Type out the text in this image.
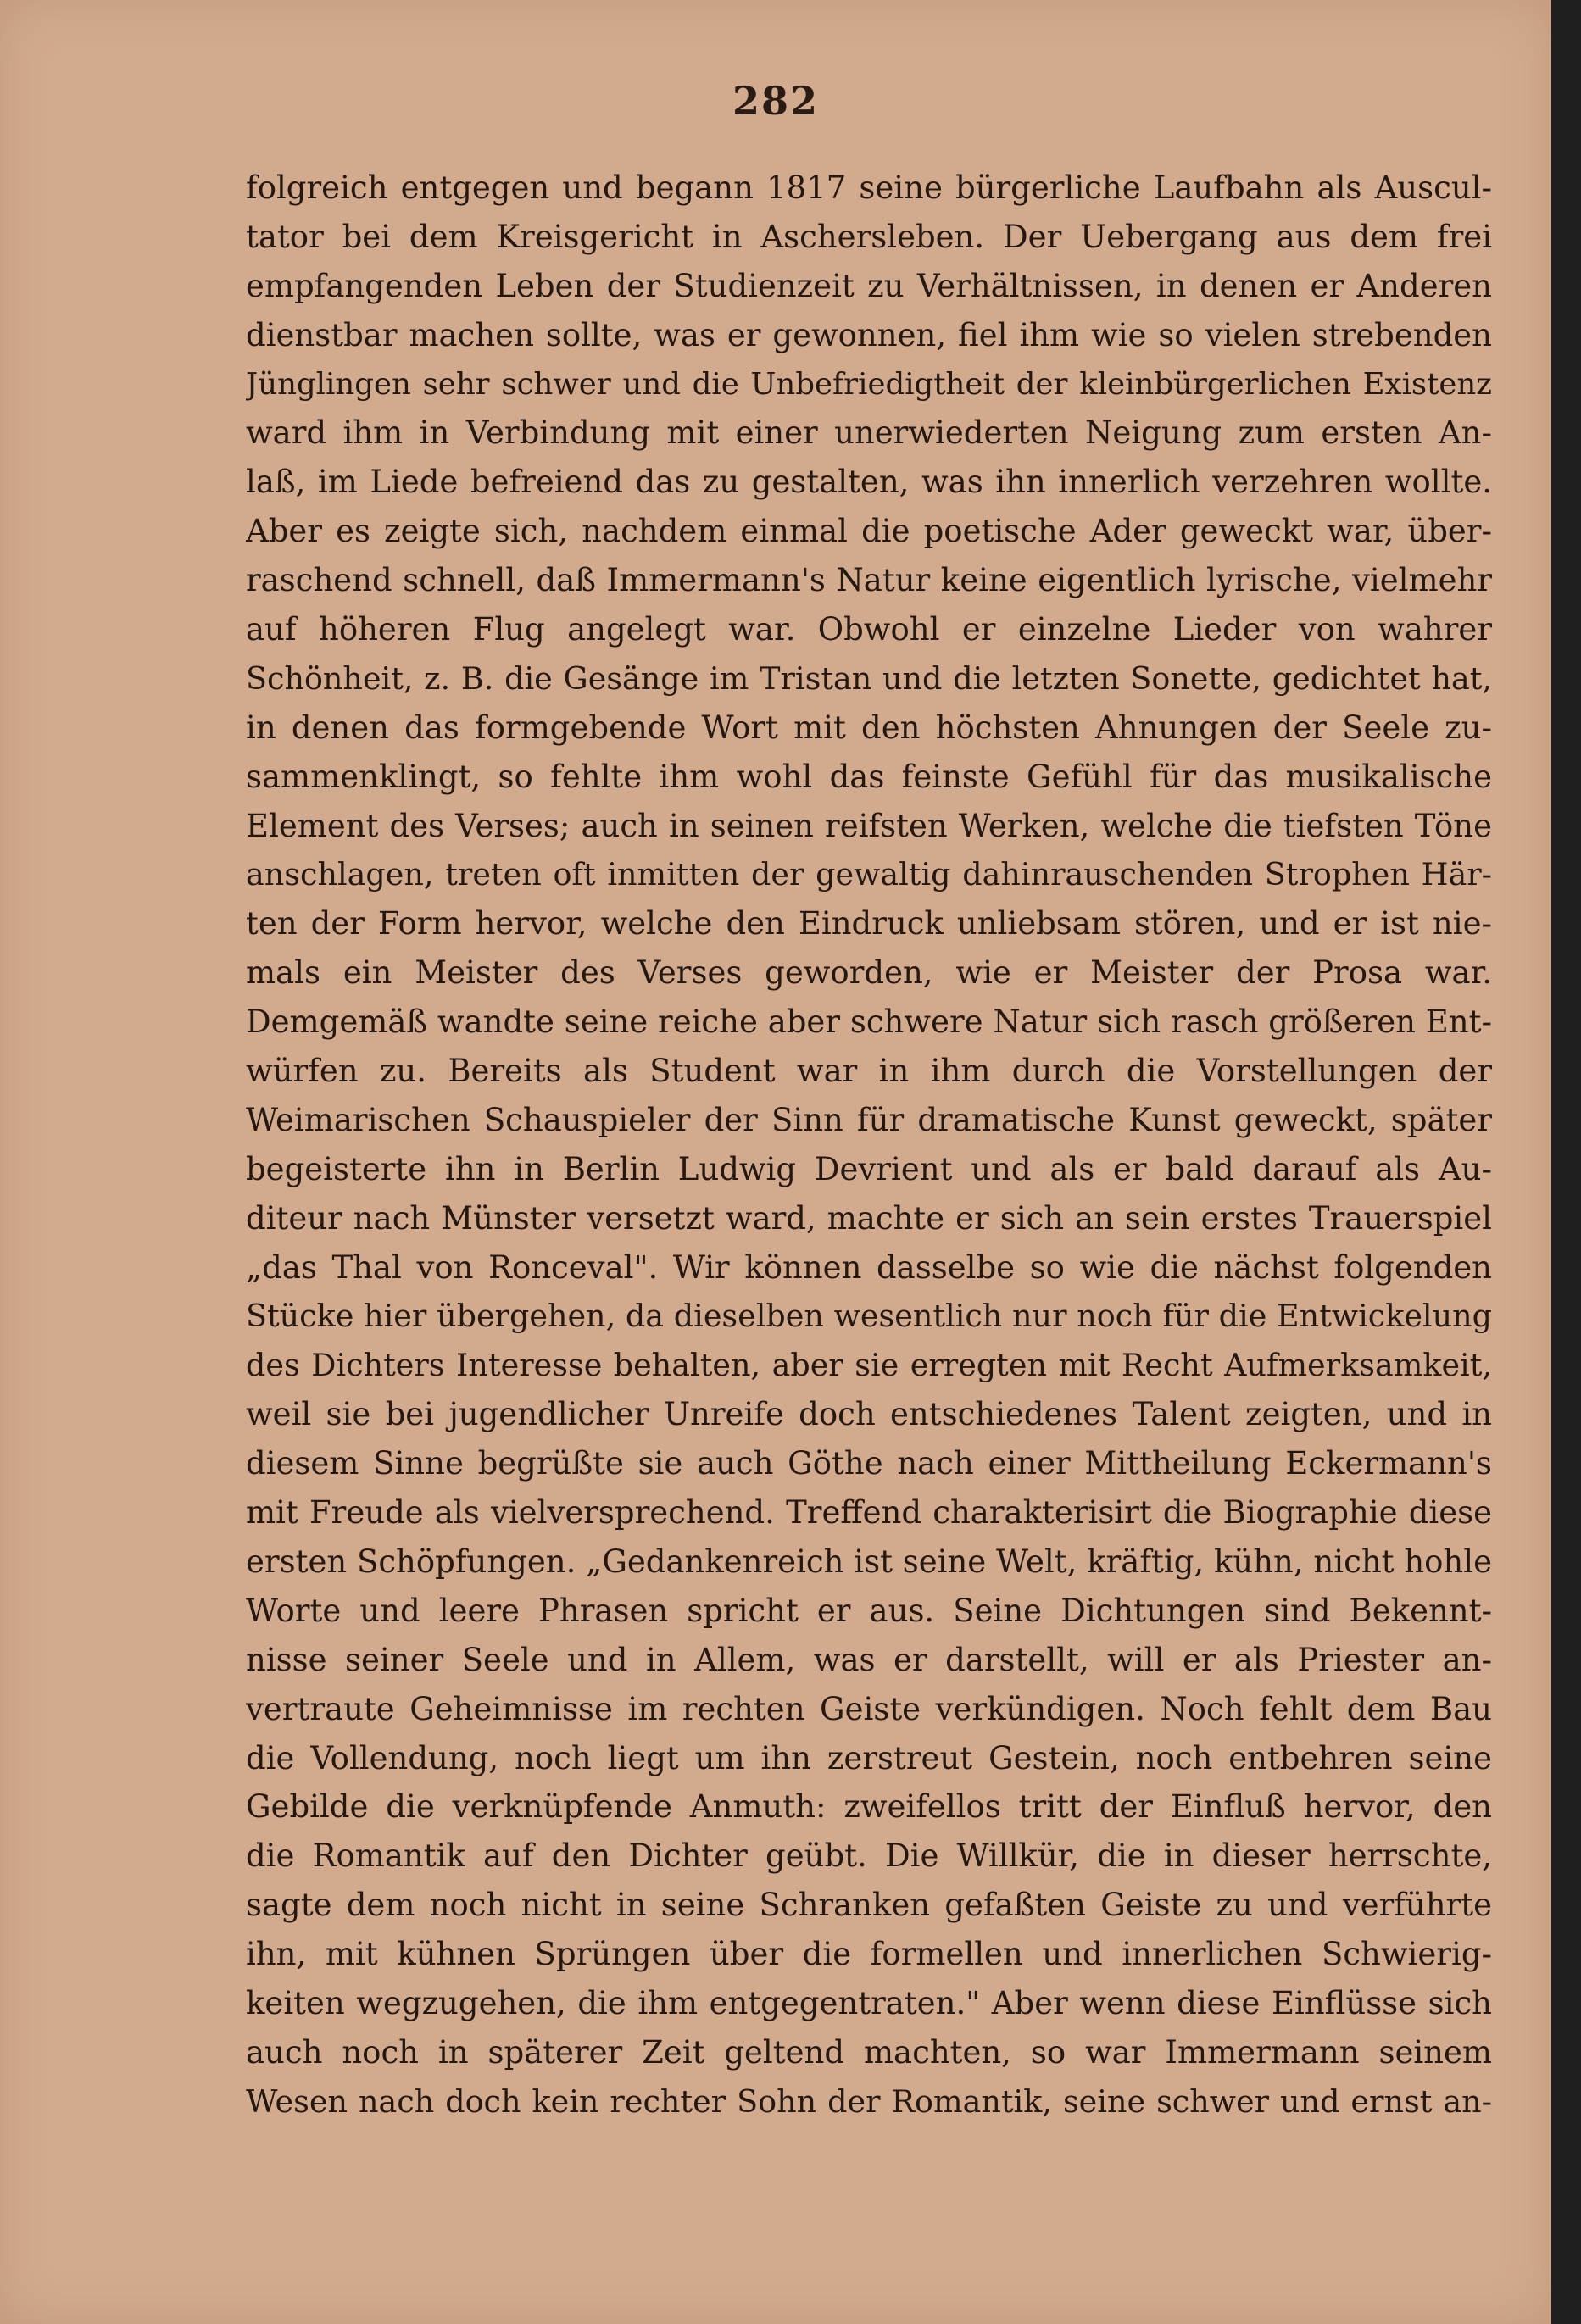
282
folgreich entgegen und begann 1817 seine bürgerliche Laufbahn als Auscul-
tator bei dem Kreisgericht in Aschersleben. Der Uebergang aus dem frei
empfangenden Leben der Studienzeit zu Verhältnissen, in denen er Anderen
dienstbar machen sollte, was er gewonnen, fiel ihm wie so vielen strebenden
Jünglingen sehr schwer und die Unbefriedigtheit der kleinbürgerlichen Existenz
ward ihm in Verbindung mit einer unerwiederten Neigung zum ersten An-
laß, im Liede befreiend das zu gestalten, was ihn innerlich verzehren wollte.
Aber es zeigte sich, nachdem einmal die poetische Ader geweckt war, über-
raschend schnell, daß Immermann's Natur keine eigentlich lyrische, vielmehr
auf höheren Flug angelegt war. Obwohl er einzelne Lieder von wahrer
Schönheit, z. B. die Gesänge im Tristan und die letzten Sonette, gedichtet hat,
in denen das formgebende Wort mit den höchsten Ahnungen der Seele zu-
sammenklingt, so fehlte ihm wohl das feinste Gefühl für das musikalische
Element des Verses; auch in seinen reifsten Werken, welche die tiefsten Töne
anschlagen, treten oft inmitten der gewaltig dahinrauschenden Strophen Här-
ten der Form hervor, welche den Eindruck unliebsam stören, und er ist nie-
mals ein Meister des Verses geworden, wie er Meister der Prosa war.
Demgemäß wandte seine reiche aber schwere Natur sich rasch größeren Ent-
würfen zu. Bereits als Student war in ihm durch die Vorstellungen der
Weimarischen Schauspieler der Sinn für dramatische Kunst geweckt, später
begeisterte ihn in Berlin Ludwig Devrient und als er bald darauf als Au-
diteur nach Münster versetzt ward, machte er sich an sein erstes Trauerspiel
„das Thal von Ronceval". Wir können dasselbe so wie die nächst folgenden
Stücke hier übergehen, da dieselben wesentlich nur noch für die Entwickelung
des Dichters Interesse behalten, aber sie erregten mit Recht Aufmerksamkeit,
weil sie bei jugendlicher Unreife doch entschiedenes Talent zeigten, und in
diesem Sinne begrüßte sie auch Göthe nach einer Mittheilung Eckermann's
mit Freude als vielversprechend. Treffend charakterisirt die Biographie diese
ersten Schöpfungen. „Gedankenreich ist seine Welt, kräftig, kühn, nicht hohle
Worte und leere Phrasen spricht er aus. Seine Dichtungen sind Bekennt-
nisse seiner Seele und in Allem, was er darstellt, will er als Priester an-
vertraute Geheimnisse im rechten Geiste verkündigen. Noch fehlt dem Bau
die Vollendung, noch liegt um ihn zerstreut Gestein, noch entbehren seine
Gebilde die verknüpfende Anmuth: zweifellos tritt der Einfluß hervor, den
die Romantik auf den Dichter geübt. Die Willkür, die in dieser herrschte,
sagte dem noch nicht in seine Schranken gefaßten Geiste zu und verführte
ihn, mit kühnen Sprüngen über die formellen und innerlichen Schwierig-
keiten wegzugehen, die ihm entgegentraten." Aber wenn diese Einflüsse sich
auch noch in späterer Zeit geltend machten, so war Immermann seinem
Wesen nach doch kein rechter Sohn der Romantik, seine schwer und ernst an-
